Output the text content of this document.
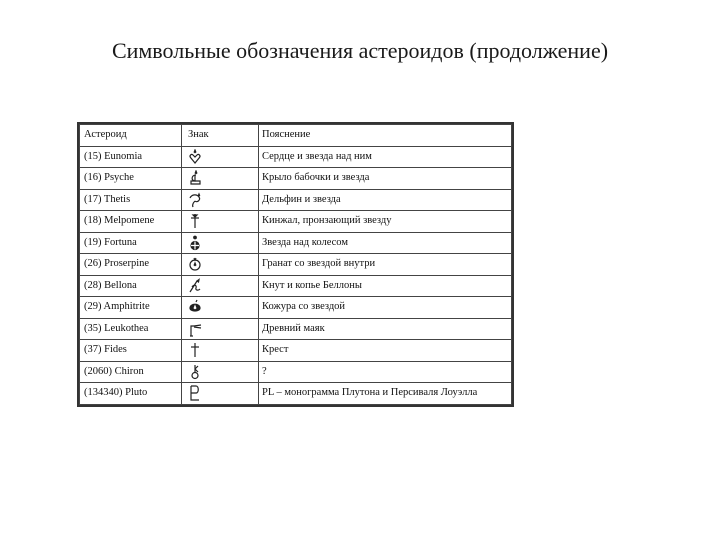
Символьные обозначения астероидов (продолжение)
Астероид	Знак	Пояснение
(15) Eunomia		Сердце и звезда над ним
(16) Psyche		Крыло бабочки и звезда
(17) Thetis		Дельфин и звезда
(18) Melpomene		Кинжал, пронзающий звезду
(19) Fortuna		Звезда над колесом
(26) Proserpine		Гранат со звездой внутри
(28) Bellona		Кнут и копье Беллоны
(29) Amphitrite		Кожура со звездой
(35) Leukothea		Древний маяк
(37) Fides		Крест
(2060) Chiron		?
(134340) Pluto		PL – монограмма Плутона и Персиваля Лоуэлла
